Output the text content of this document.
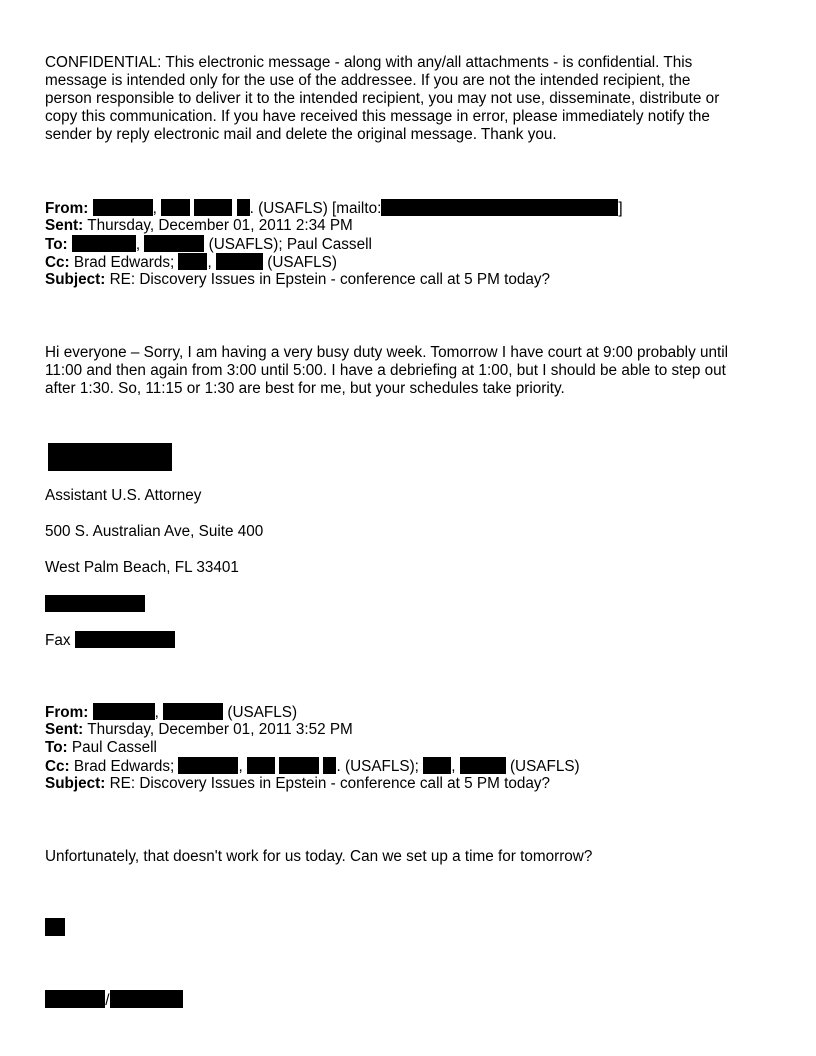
CONFIDENTIAL: This electronic message - along with any/all attachments - is confidential. This
message is intended only for the use of the addressee. If you are not the intended recipient, the
person responsible to deliver it to the intended recipient, you may not use, disseminate, distribute or
copy this communication. If you have received this message in error, please immediately notify the
sender by reply electronic mail and delete the original message. Thank you.
From:	,	. (USAFLS) [mailto:	]
Sent: Thursday, December 01, 2011 2:34 PM
To:	,	(USAFLS); Paul Cassell
Cc: Brad Edwards; ,	(USAFLS)
Subject: RE: Discovery Issues in Epstein - conference call at 5 PM today?
Hi everyone – Sorry, I am having a very busy duty week. Tomorrow I have court at 9:00 probably until
11:00 and then again from 3:00 until 5:00. I have a debriefing at 1:00, but I should be able to step out
after 1:30. So, 11:15 or 1:30 are best for me, but your schedules take priority.
Assistant U.S. Attorney
500 S. Australian Ave, Suite 400
West Palm Beach, FL 33401
Fax
From:	,	(USAFLS)
Sent: Thursday, December 01, 2011 3:52 PM
To: Paul Cassell
Cc: Brad Edwards;	,	. (USAFLS); ,	(USAFLS)
Subject: RE: Discovery Issues in Epstein - conference call at 5 PM today?
Unfortunately, that doesn't work for us today. Can we set up a time for tomorrow?
/
